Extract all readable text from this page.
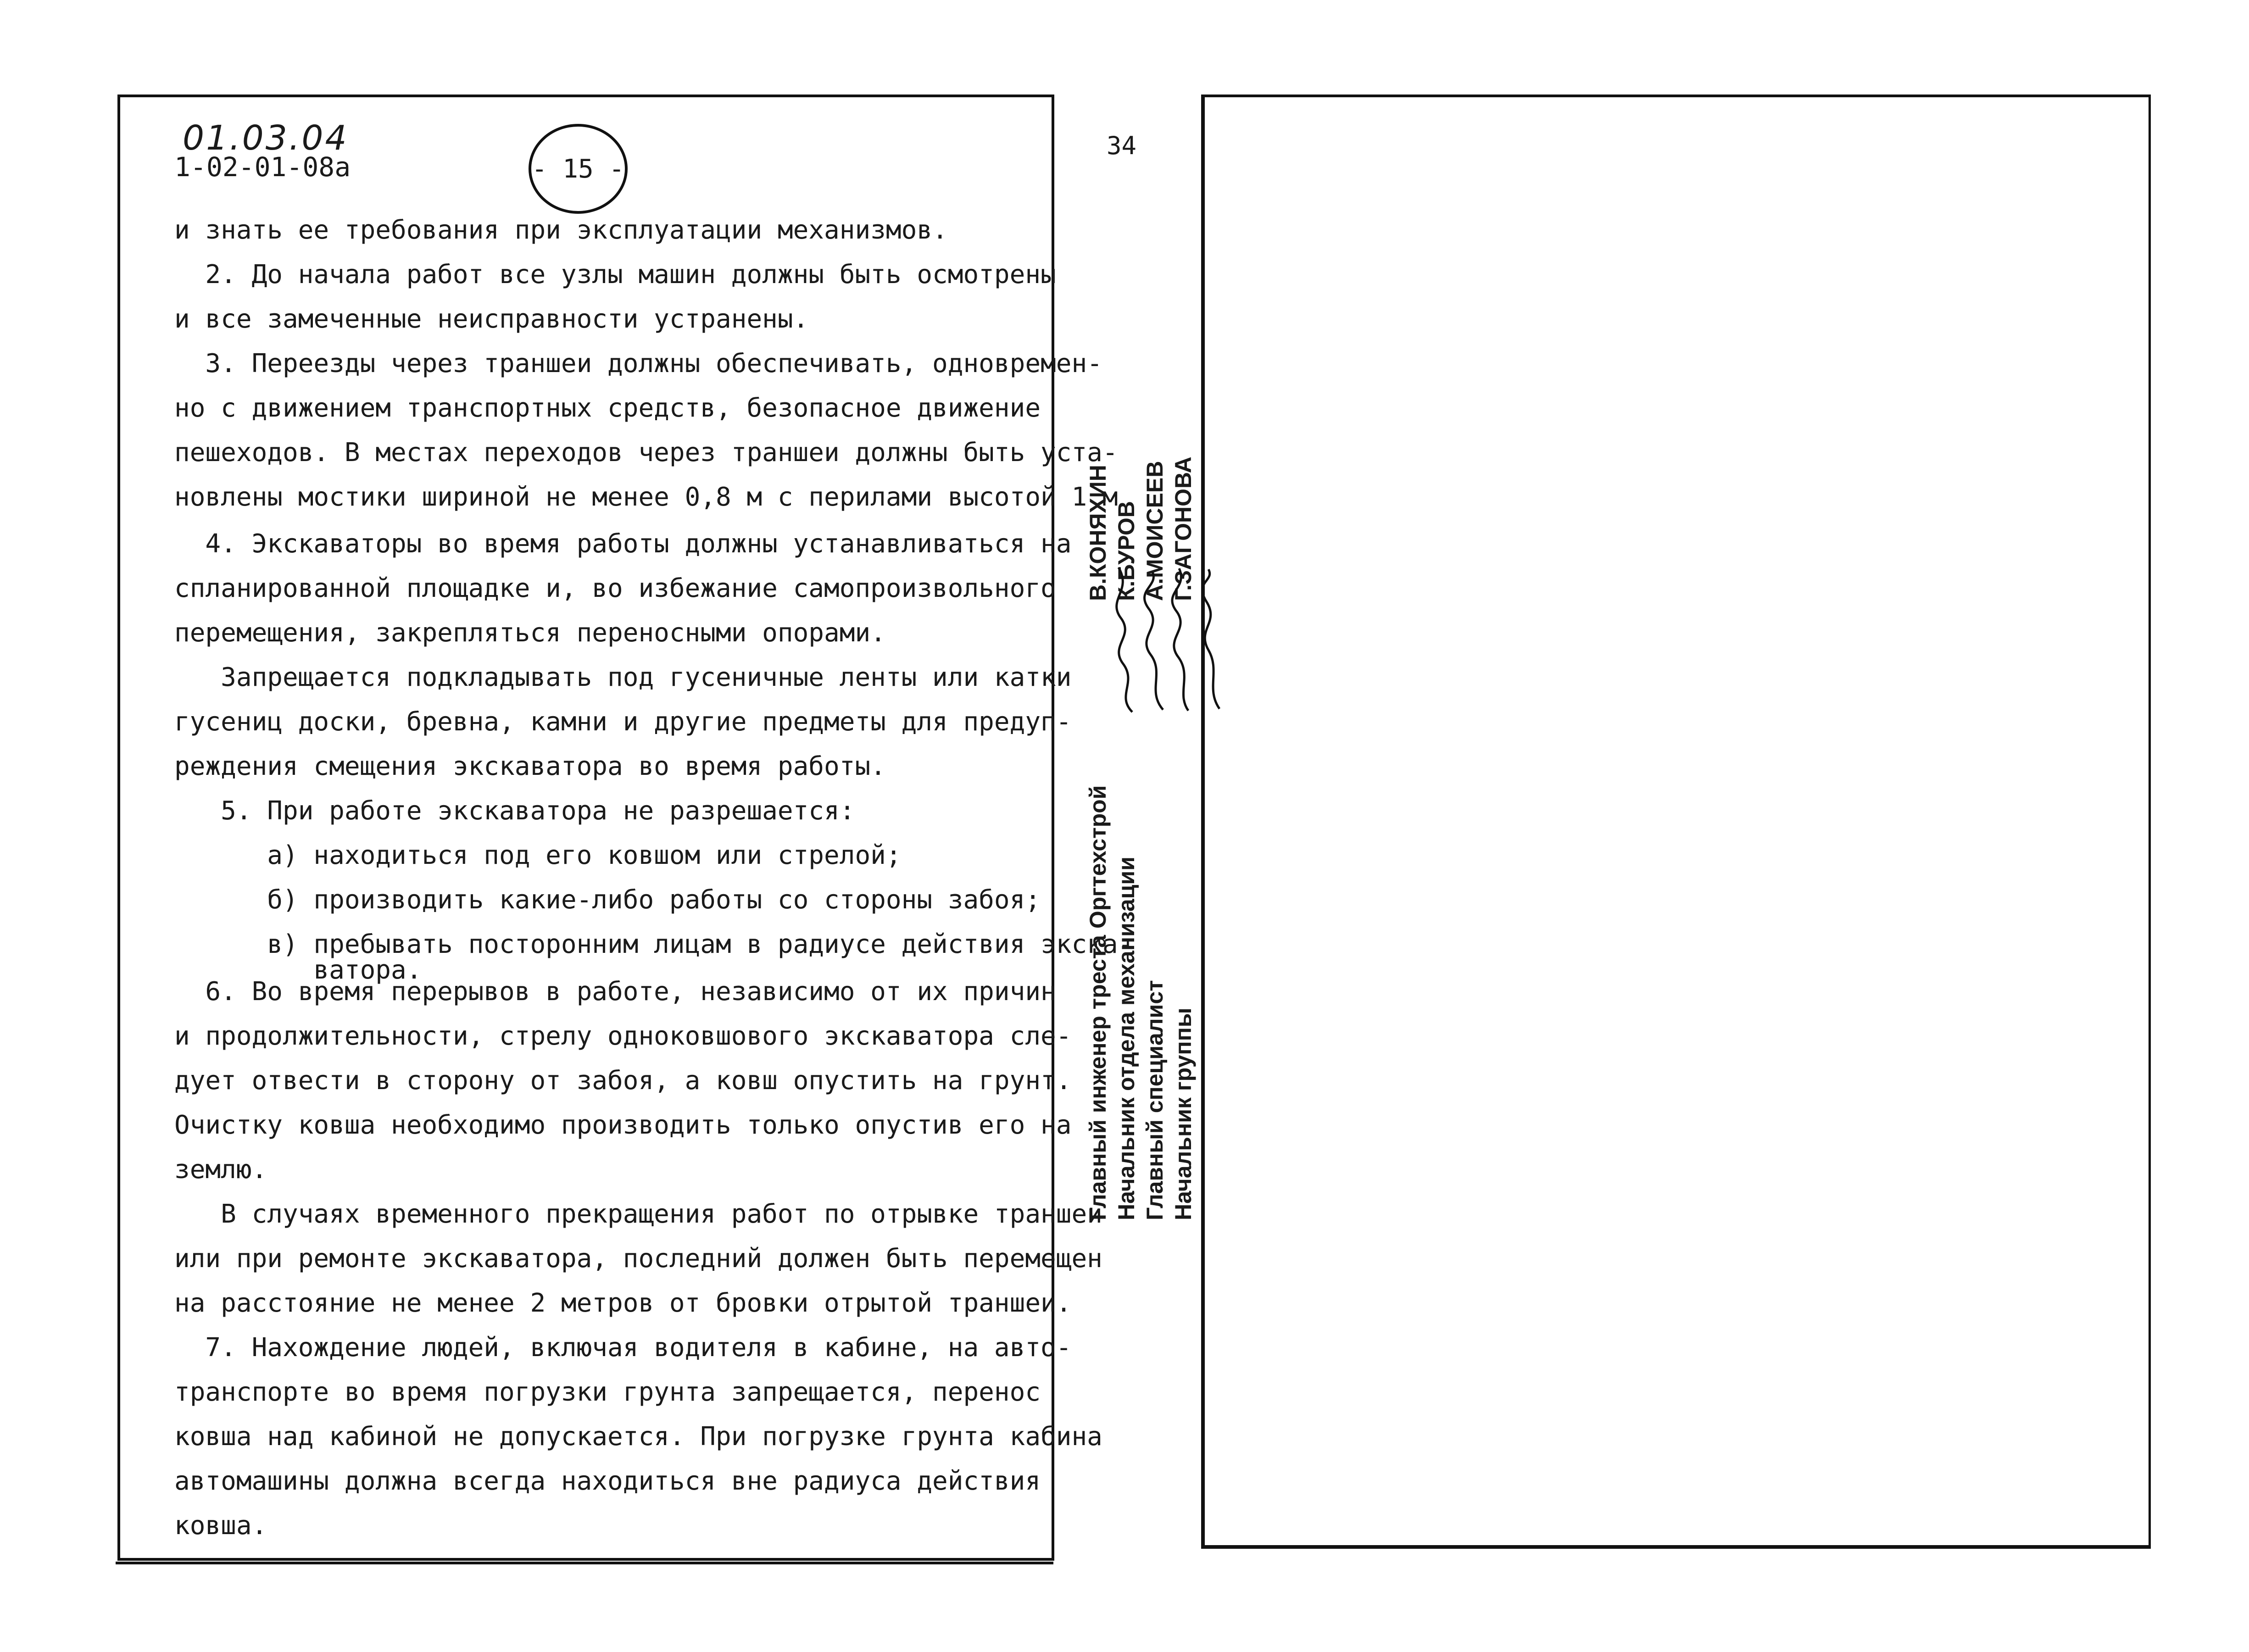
01.03.04
1-02-01-08a	- 15 -
и знать ее требования при эксплуатации механизмов.
2. До начала работ все узлы машин должны быть осмотрены
и все замеченные неисправности устранены.
3. Переезды через траншеи должны обеспечивать, одновремен-
но с движением транспортных средств, безопасное движение
пешеходов. В местах переходов через траншеи должны быть уста-
новлены мостики шириной не менее 0,8 м с перилами высотой 1 м
4. Экскаваторы во время работы должны устанавливаться на
спланированной площадке и, во избежание самопроизвольного
перемещения, закрепляться переносными опорами.
Запрещается подкладывать под гусеничные ленты или катки
гусениц доски, бревна, камни и другие предметы для предуп-
реждения смещения экскаватора во время работы.
5. При работе экскаватора не разрешается:
а) находиться под его ковшом или стрелой;
б) производить какие-либо работы со стороны забоя;
в) пребывать посторонним лицам в радиусе действия экска-
ватора.
6. Во время перерывов в работе, независимо от их причин
и продолжительности, стрелу одноковшового экскаватора сле-
дует отвести в сторону от забоя, а ковш опустить на грунт.
Очистку ковша необходимо производить только опустив его на
землю.
В случаях временного прекращения работ по отрывке траншеи
или при ремонте экскаватора, последний должен быть перемещен
на расстояние не менее 2 метров от бровки отрытой траншеи.
7. Нахождение людей, включая водителя в кабине, на авто-
транспорте во время погрузки грунта запрещается, перенос
ковша над кабиной не допускается. При погрузке грунта кабина
автомашины должна всегда находиться вне радиуса действия
ковша.
34
Главный инженер треста Оргтехстрой

В.КОНЯХИН
Начальник отдела механизации

К.БУРОВ
Главный специалист

А.МОИСЕЕВ
Начальник группы

Г.ЗАГОНОВА
